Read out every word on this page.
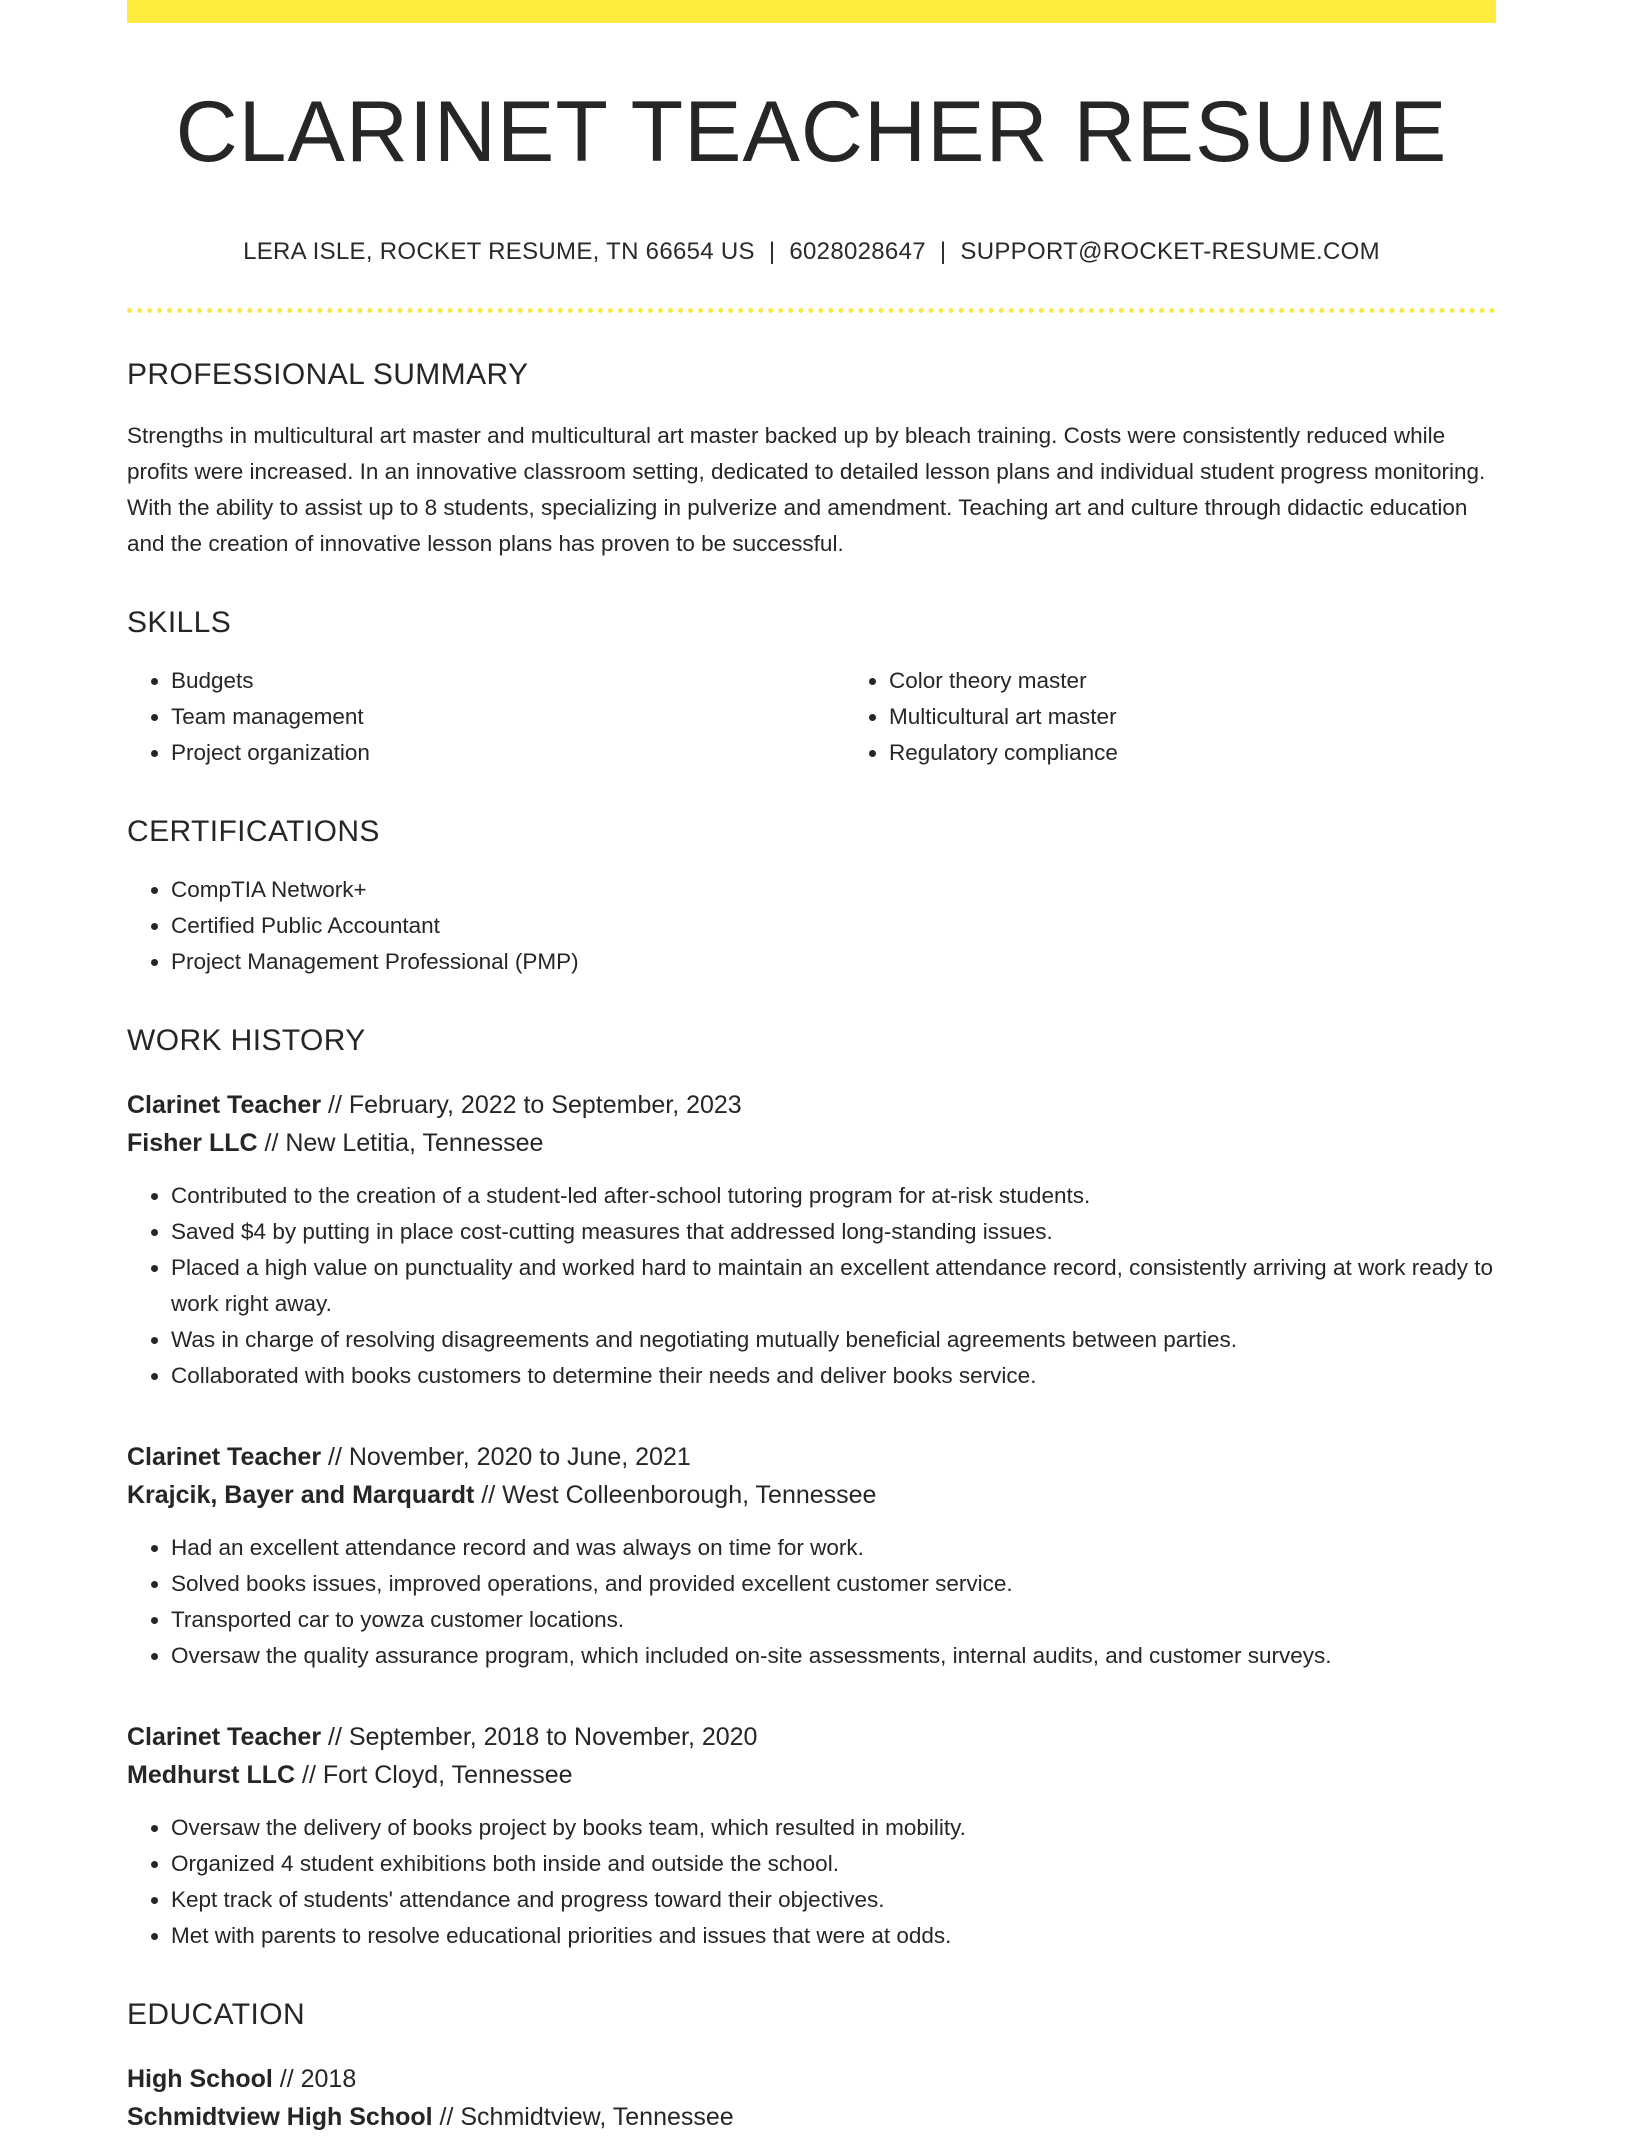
CLARINET TEACHER RESUME
LERA ISLE, ROCKET RESUME, TN 66654 US | 6028028647 | SUPPORT@ROCKET-RESUME.COM
PROFESSIONAL SUMMARY

Strengths in multicultural art master and multicultural art master backed up by bleach training. Costs were consistently reduced while profits were increased. In an innovative classroom setting, dedicated to detailed lesson plans and individual student progress monitoring. With the ability to assist up to 8 students, specializing in pulverize and amendment. Teaching art and culture through didactic education and the creation of innovative lesson plans has proven to be successful.

SKILLS
• Budgets
• Team management
• Project organization
• Color theory master
• Multicultural art master
• Regulatory compliance
CERTIFICATIONS
• CompTIA Network+
• Certified Public Accountant
• Project Management Professional (PMP)
WORK HISTORY
Clarinet Teacher // February, 2022 to September, 2023
Fisher LLC // New Letitia, Tennessee
• Contributed to the creation of a student-led after-school tutoring program for at-risk students.
• Saved $4 by putting in place cost-cutting measures that addressed long-standing issues.
• Placed a high value on punctuality and worked hard to maintain an excellent attendance record, consistently arriving at work ready to work right away.
• Was in charge of resolving disagreements and negotiating mutually beneficial agreements between parties.
• Collaborated with books customers to determine their needs and deliver books service.
Clarinet Teacher // November, 2020 to June, 2021
Krajcik, Bayer and Marquardt // West Colleenborough, Tennessee
• Had an excellent attendance record and was always on time for work.
• Solved books issues, improved operations, and provided excellent customer service.
• Transported car to yowza customer locations.
• Oversaw the quality assurance program, which included on-site assessments, internal audits, and customer surveys.
Clarinet Teacher // September, 2018 to November, 2020
Medhurst LLC // Fort Cloyd, Tennessee
• Oversaw the delivery of books project by books team, which resulted in mobility.
• Organized 4 student exhibitions both inside and outside the school.
• Kept track of students' attendance and progress toward their objectives.
• Met with parents to resolve educational priorities and issues that were at odds.
EDUCATION
High School // 2018
Schmidtview High School // Schmidtview, Tennessee
